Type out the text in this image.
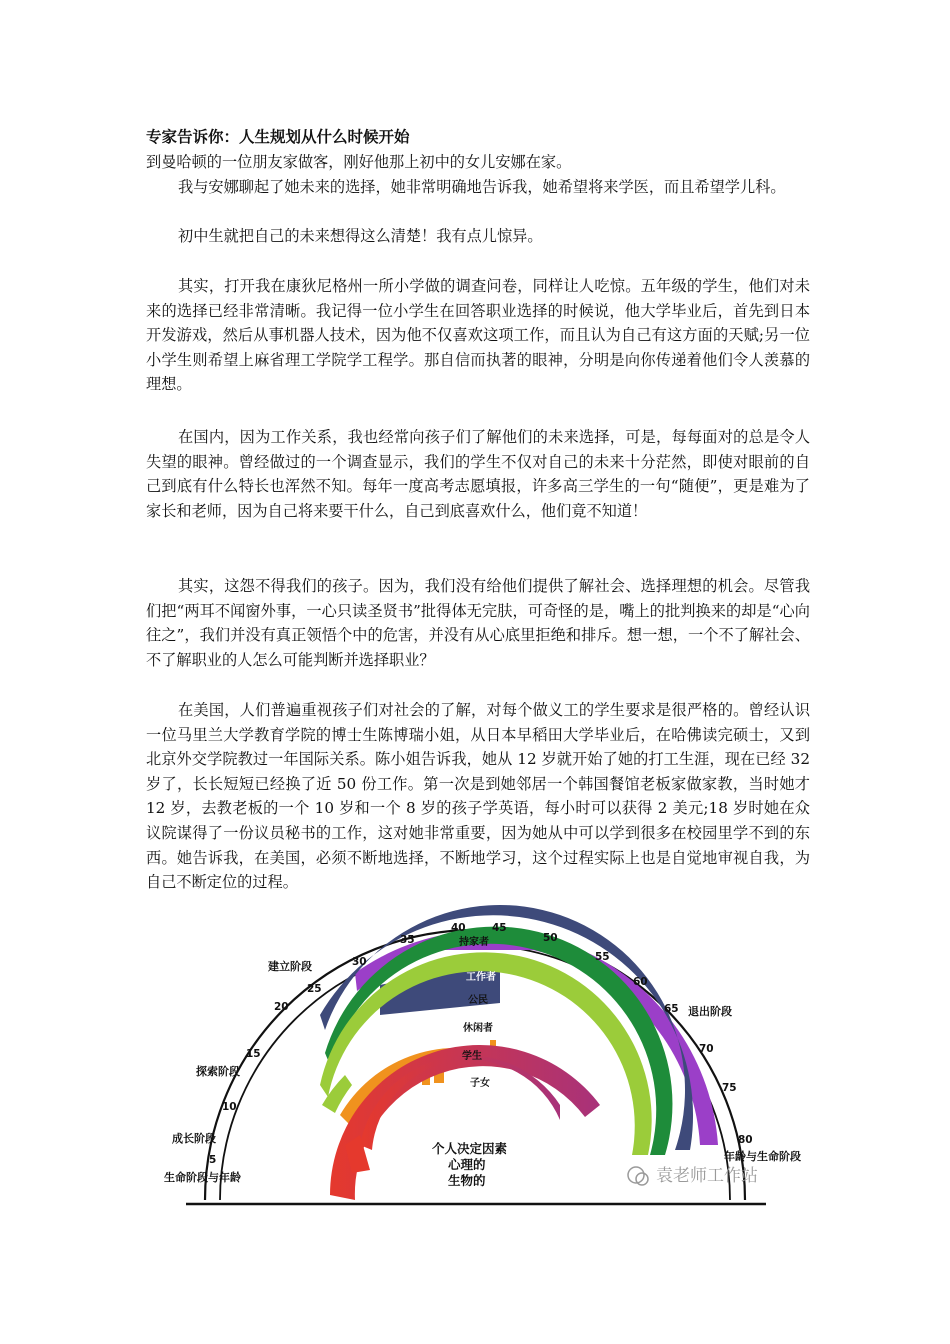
专家告诉你：人生规划从什么时候开始
到曼哈顿的一位朋友家做客，刚好他那上初中的女儿安娜在家。
我与安娜聊起了她未来的选择，她非常明确地告诉我，她希望将来学医，而且希望学儿科。
初中生就把自己的未来想得这么清楚！我有点儿惊异。
其实，打开我在康狄尼格州一所小学做的调查问卷，同样让人吃惊。五年级的学生，他们对未来的选择已经非常清晰。我记得一位小学生在回答职业选择的时候说，他大学毕业后，首先到日本开发游戏，然后从事机器人技术，因为他不仅喜欢这项工作，而且认为自己有这方面的天赋;另一位小学生则希望上麻省理工学院学工程学。那自信而执著的眼神，分明是向你传递着他们令人羡慕的理想。
在国内，因为工作关系，我也经常向孩子们了解他们的未来选择，可是，每每面对的总是令人失望的眼神。曾经做过的一个调查显示，我们的学生不仅对自己的未来十分茫然，即使对眼前的自己到底有什么特长也浑然不知。每年一度高考志愿填报，许多高三学生的一句“随便”，更是难为了家长和老师，因为自己将来要干什么，自己到底喜欢什么，他们竟不知道！
其实，这怨不得我们的孩子。因为，我们没有给他们提供了解社会、选择理想的机会。尽管我们把“两耳不闻窗外事，一心只读圣贤书”批得体无完肤，可奇怪的是，嘴上的批判换来的却是“心向往之”，我们并没有真正领悟个中的危害，并没有从心底里拒绝和排斥。想一想，一个不了解社会、不了解职业的人怎么可能判断并选择职业？
在美国，人们普遍重视孩子们对社会的了解，对每个做义工的学生要求是很严格的。曾经认识一位马里兰大学教育学院的博士生陈博瑞小姐，从日本早稻田大学毕业后，在哈佛读完硕士，又到北京外交学院教过一年国际关系。陈小姐告诉我，她从 12 岁就开始了她的打工生涯，现在已经 32 岁了，长长短短已经换了近 50 份工作。第一次是到她邻居一个韩国餐馆老板家做家教，当时她才 12 岁，去教老板的一个 10 岁和一个 8 岁的孩子学英语，每小时可以获得 2 美元;18 岁时她在众议院谋得了一份议员秘书的工作，这对她非常重要，因为她从中可以学到很多在校园里学不到的东西。她告诉我，在美国，必须不断地选择，不断地学习，这个过程实际上也是自觉地审视自我，为自己不断定位的过程。
5
10
15
20
25
30
35
40	45
50
55
60
65
70
75
80
建立阶段
探索阶段
成长阶段
生命阶段与年龄
退出阶段
年龄与生命阶段
持家者
工作者
公民
休闲者
学生
子女
个人决定因素
心理的
生物的	袁老师工作站
